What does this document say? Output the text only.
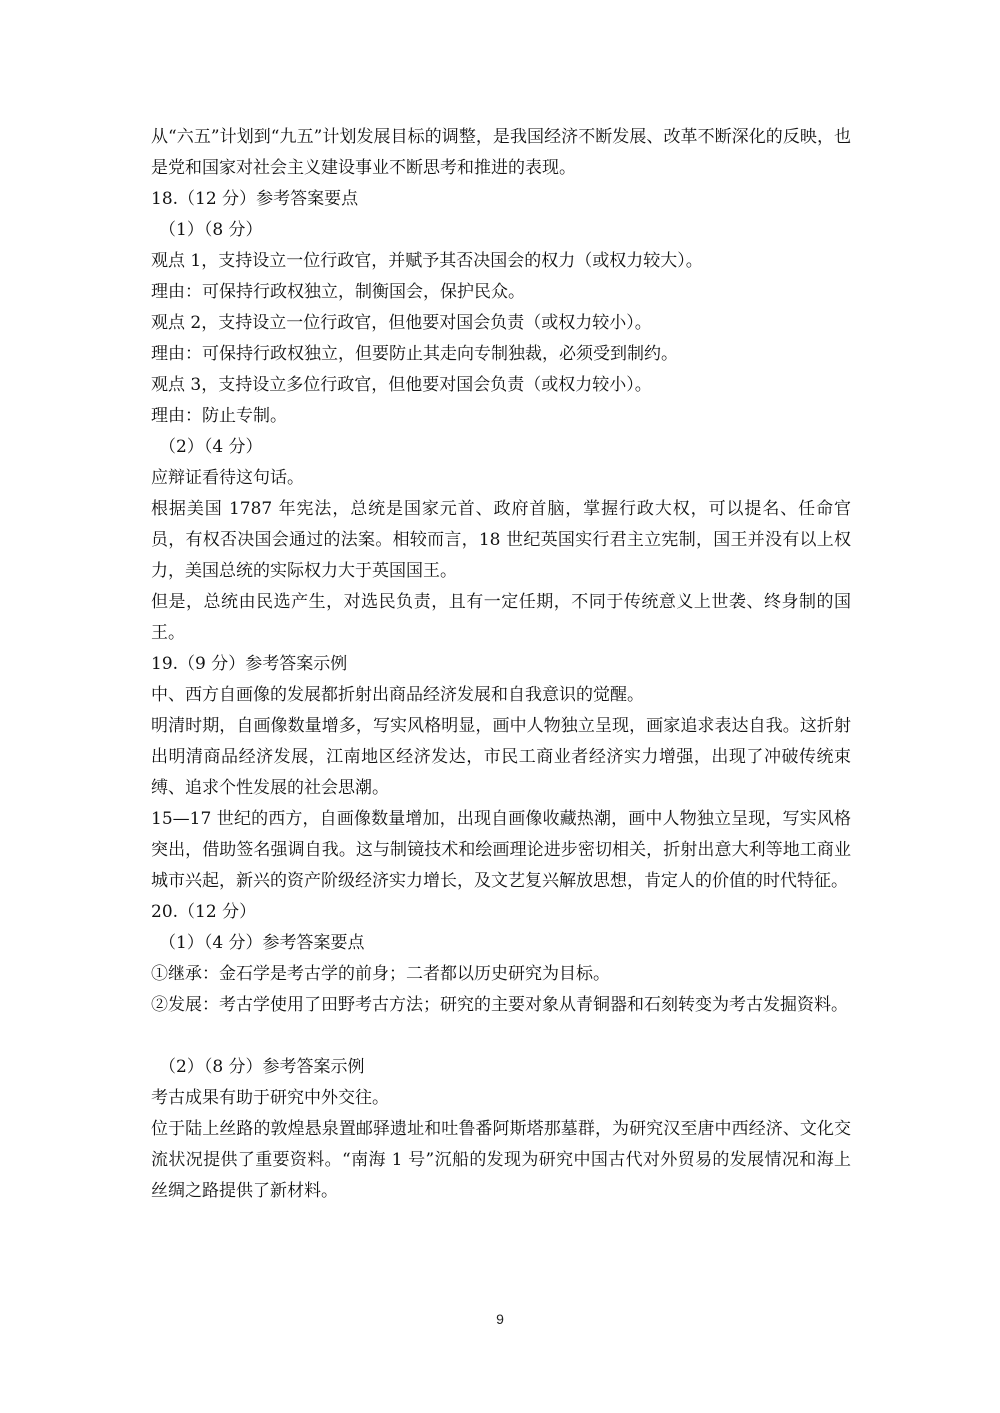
从“六五”计划到“九五”计划发展目标的调整，是我国经济不断发展、改革不断深化的反映，也是党和国家对社会主义建设事业不断思考和推进的表现。

18.（12 分）参考答案要点

（1）（8 分）

观点 1，支持设立一位行政官，并赋予其否决国会的权力（或权力较大）。

理由：可保持行政权独立，制衡国会，保护民众。

观点 2，支持设立一位行政官，但他要对国会负责（或权力较小）。

理由：可保持行政权独立，但要防止其走向专制独裁，必须受到制约。

观点 3，支持设立多位行政官，但他要对国会负责（或权力较小）。

理由：防止专制。

（2）（4 分）

应辩证看待这句话。

根据美国 1787 年宪法，总统是国家元首、政府首脑，掌握行政大权，可以提名、任命官员，有权否决国会通过的法案。相较而言，18 世纪英国实行君主立宪制，国王并没有以上权力，美国总统的实际权力大于英国国王。

但是，总统由民选产生，对选民负责，且有一定任期，不同于传统意义上世袭、终身制的国王。

19.（9 分）参考答案示例

中、西方自画像的发展都折射出商品经济发展和自我意识的觉醒。

明清时期，自画像数量增多，写实风格明显，画中人物独立呈现，画家追求表达自我。这折射出明清商品经济发展，江南地区经济发达，市民工商业者经济实力增强，出现了冲破传统束缚、追求个性发展的社会思潮。

15—17 世纪的西方，自画像数量增加，出现自画像收藏热潮，画中人物独立呈现，写实风格突出，借助签名强调自我。这与制镜技术和绘画理论进步密切相关，折射出意大利等地工商业城市兴起，新兴的资产阶级经济实力增长，及文艺复兴解放思想，肯定人的价值的时代特征。

20.（12 分）

（1）（4 分）参考答案要点

①继承：金石学是考古学的前身；二者都以历史研究为目标。

②发展：考古学使用了田野考古方法；研究的主要对象从青铜器和石刻转变为考古发掘资料。

（2）（8 分）参考答案示例

考古成果有助于研究中外交往。

位于陆上丝路的敦煌悬泉置邮驿遗址和吐鲁番阿斯塔那墓群，为研究汉至唐中西经济、文化交流状况提供了重要资料。“南海 1 号”沉船的发现为研究中国古代对外贸易的发展情况和海上丝绸之路提供了新材料。

9
